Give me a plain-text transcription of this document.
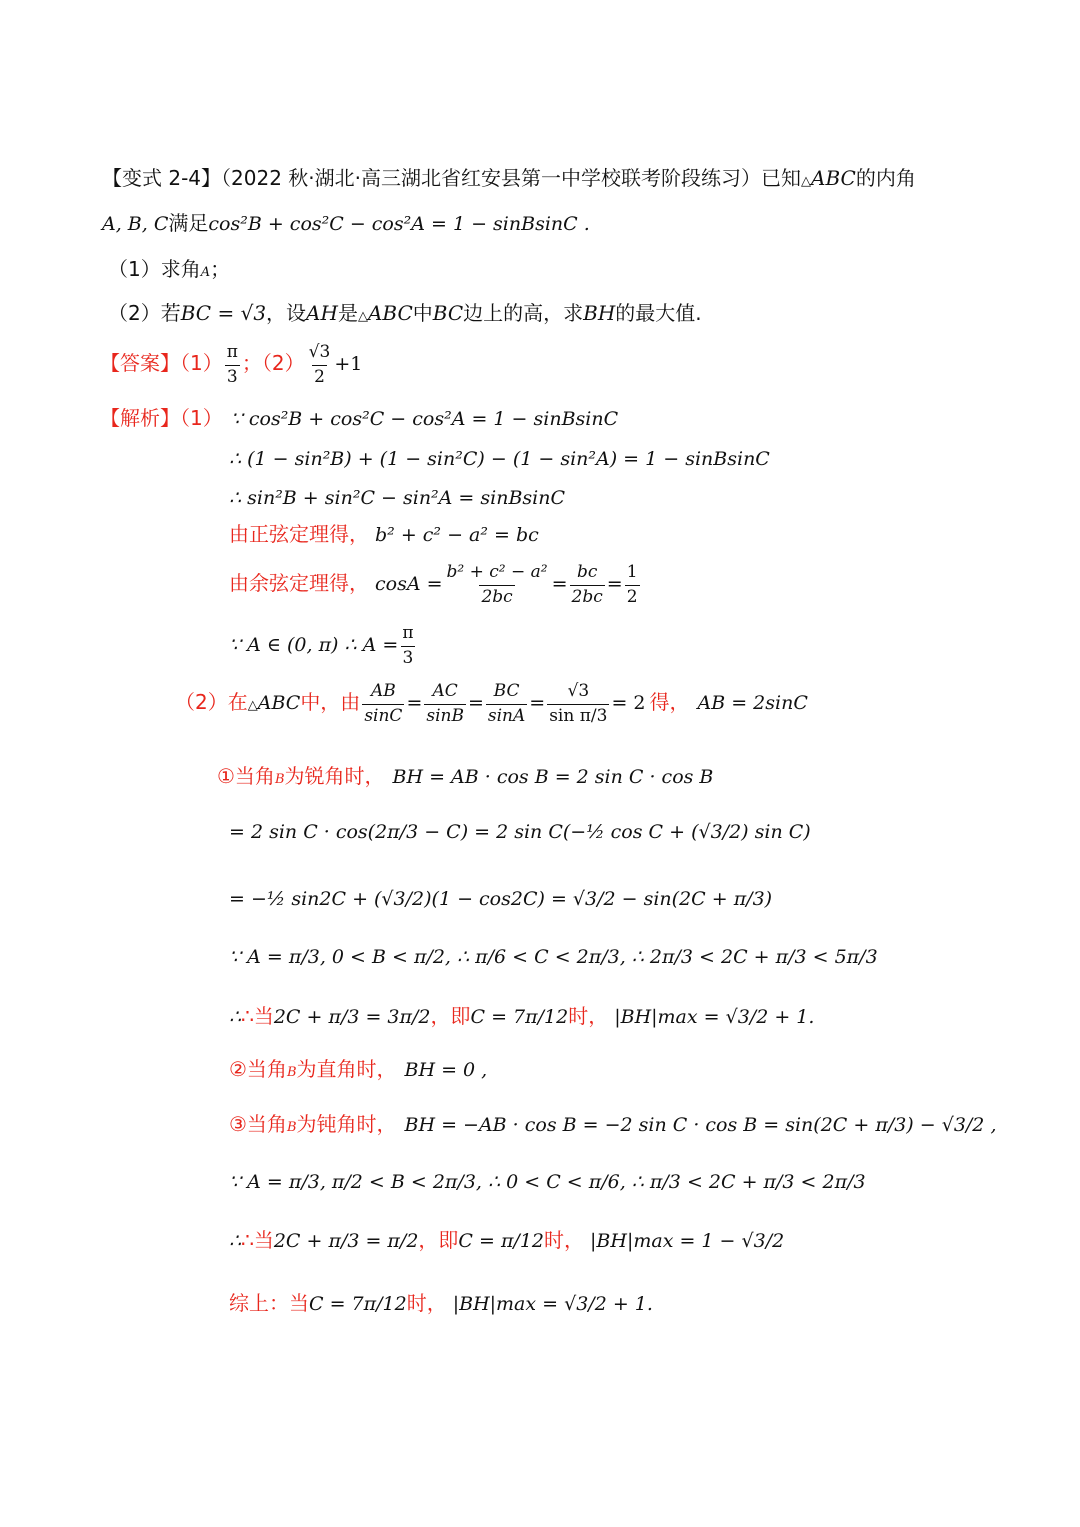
【变式 2-4】（2022 秋·湖北·高三湖北省红安县第一中学校联考阶段练习）已知△ABC的内角
A, B, C满足cos²B + cos²C − cos²A = 1 − sinBsinC .
（1）求角A；
（2）若BC = √3，设AH是△ABC中BC边上的高，求BH的最大值.
【答案】$(1) \frac{\pi}{3}$ ；$(2) \frac{√3}{2} +1$
【解析】（1） ∵ cos²B + cos²C − cos²A = 1 − sinBsinC
∴ (1 − sin²B) + (1 − sin²C) − (1 − sin²A) = 1 − sinBsinC
∴ sin²B + sin²C − sin²A = sinBsinC
由正弦定理得， b² + c² − a² = bc
由余弦定理得， $\cos A = \frac{\text{b² + c² − a²}}{2bc} = \frac{bc}{2bc} = \frac{1}{2}$
∵ A ∈ (0, π) ∴ $A = \frac{\pi}{3}$
（2）在△ABC中，由 $\frac{AB}{\sin C} = \frac{AC}{\sin B} = \frac{BC}{\sin A} = \frac{√3}{\text{sin π/3}} = 2$ 得， AB = 2sinC
①当角B为锐角时， BH = AB · cos B = 2 sin C · cos B
= 2 sin C · cos(2π/3 − C) = 2 sin C(−½ cos C + (√3/2) sin C)
= −½ sin2C + (√3/2)(1 − cos2C) = √3/2 − sin(2C + π/3)
∵ A = π/3, 0 < B < π/2, ∴ π/6 < C < 2π/3, ∴ 2π/3 < 2C + π/3 < 5π/3
∴∴当2C + π/3 = 3π/2，即C = 7π/12时， |BH|max = √3/2 + 1.
②当角B为直角时， BH = 0 ,
③当角B为钝角时， BH = −AB · cos B = −2 sin C · cos B = sin(2C + π/3) − √3/2 ,
∵ A = π/3, π/2 < B < 2π/3, ∴ 0 < C < π/6, ∴ π/3 < 2C + π/3 < 2π/3
∴∴当2C + π/3 = π/2，即C = π/12时， |BH|max = 1 − √3/2
综上：当C = 7π/12时， |BH|max = √3/2 + 1.
